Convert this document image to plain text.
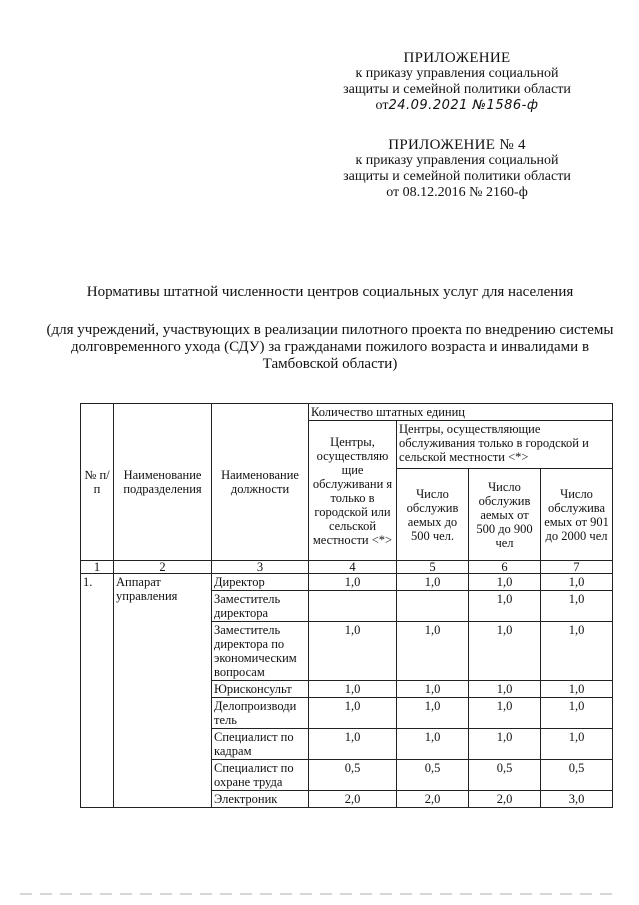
ПРИЛОЖЕНИЕ
к приказу управления социальной
защиты и семейной политики области
от24.09.2021 №1586-ф
ПРИЛОЖЕНИЕ № 4
к приказу управления социальной
защиты и семейной политики области
от 08.12.2016 № 2160-ф
Нормативы штатной численности центров социальных услуг для населения
(для учреждений, участвующих в реализации пилотного проекта по внедрению системы долговременного ухода (СДУ) за гражданами пожилого возраста и инвалидами в Тамбовской области)
№ п/п	Наименование подразделения	Наименование должности	Количество штатных единиц			
			Центры, осуществляю щие обслуживани я только в городской или сельской местности <*>	Центры, осуществляющие обслуживания только в городской и сельской местности <*>		
				Число обслужив аемых до 500 чел.	Число обслужив аемых от 500 до 900 чел	Число обслужива емых от 901 до 2000 чел
1	2	3	4	5	6	7
1.	Аппарат управления	Директор	1,0	1,0	1,0	1,0
		Заместитель директора			1,0	1,0
		Заместитель директора по экономическим вопросам	1,0	1,0	1,0	1,0
		Юрисконсульт	1,0	1,0	1,0	1,0
		Делопроизводи тель	1,0	1,0	1,0	1,0
		Специалист по кадрам	1,0	1,0	1,0	1,0
		Специалист по охране труда	0,5	0,5	0,5	0,5
		Электроник	2,0	2,0	2,0	3,0
